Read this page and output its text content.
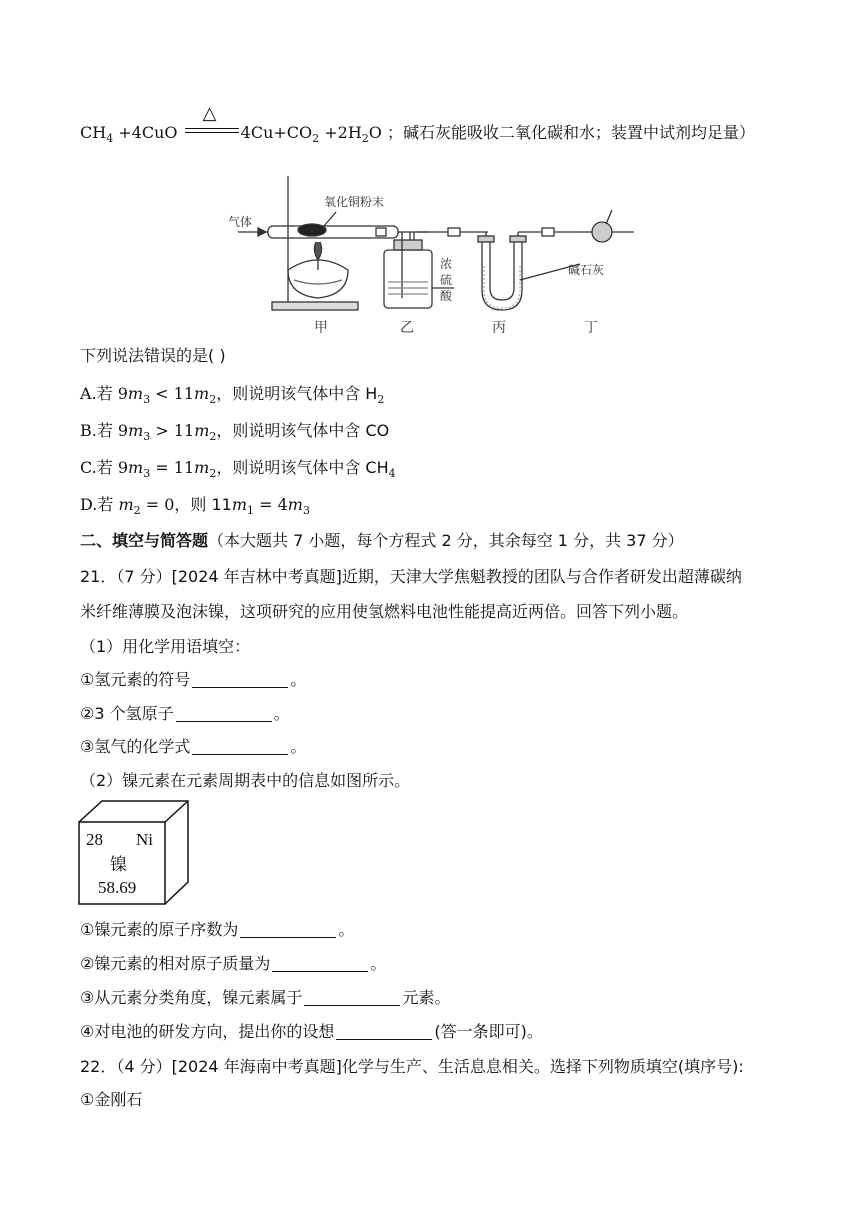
$CH_4 +4CuO$
△
$4Cu+CO_2 +2H_2O$ ；碱石灰能吸收二氧化碳和水；装置中试剂均足量）
气体
氧化铜粉末
浓
硫
酸
碱石灰
甲	乙	丙	丁
下列说法错误的是( )
A.若 $9m_3 < 11m_2$，则说明该气体中含 $H_2$
B.若 $9m_3 > 11m_2$，则说明该气体中含 CO
C.若 $9m_3 = 11m_2$，则说明该气体中含 $CH_4$
D.若 $m_2 = 0$，则 $11m_1 = 4m_3$
二、填空与简答题（本大题共 7 小题，每个方程式 2 分，其余每空 1 分，共 37 分）
21．（7 分）[2024 年吉林中考真题]近期，天津大学焦魁教授的团队与合作者研发出超薄碳纳
米纤维薄膜及泡沫镍，这项研究的应用使氢燃料电池性能提高近两倍。回答下列小题。
（1）用化学用语填空：
①氢元素的符号	。
②3 个氢原子	。
③氢气的化学式	。
（2）镍元素在元素周期表中的信息如图所示。
28 Ni
镍
58.69
①镍元素的原子序数为	。
②镍元素的相对原子质量为	。
③从元素分类角度，镍元素属于	元素。
④对电池的研发方向，提出你的设想	(答一条即可)。
22．（4 分）[2024 年海南中考真题]化学与生产、生活息息相关。选择下列物质填空(填序号):
①金刚石
